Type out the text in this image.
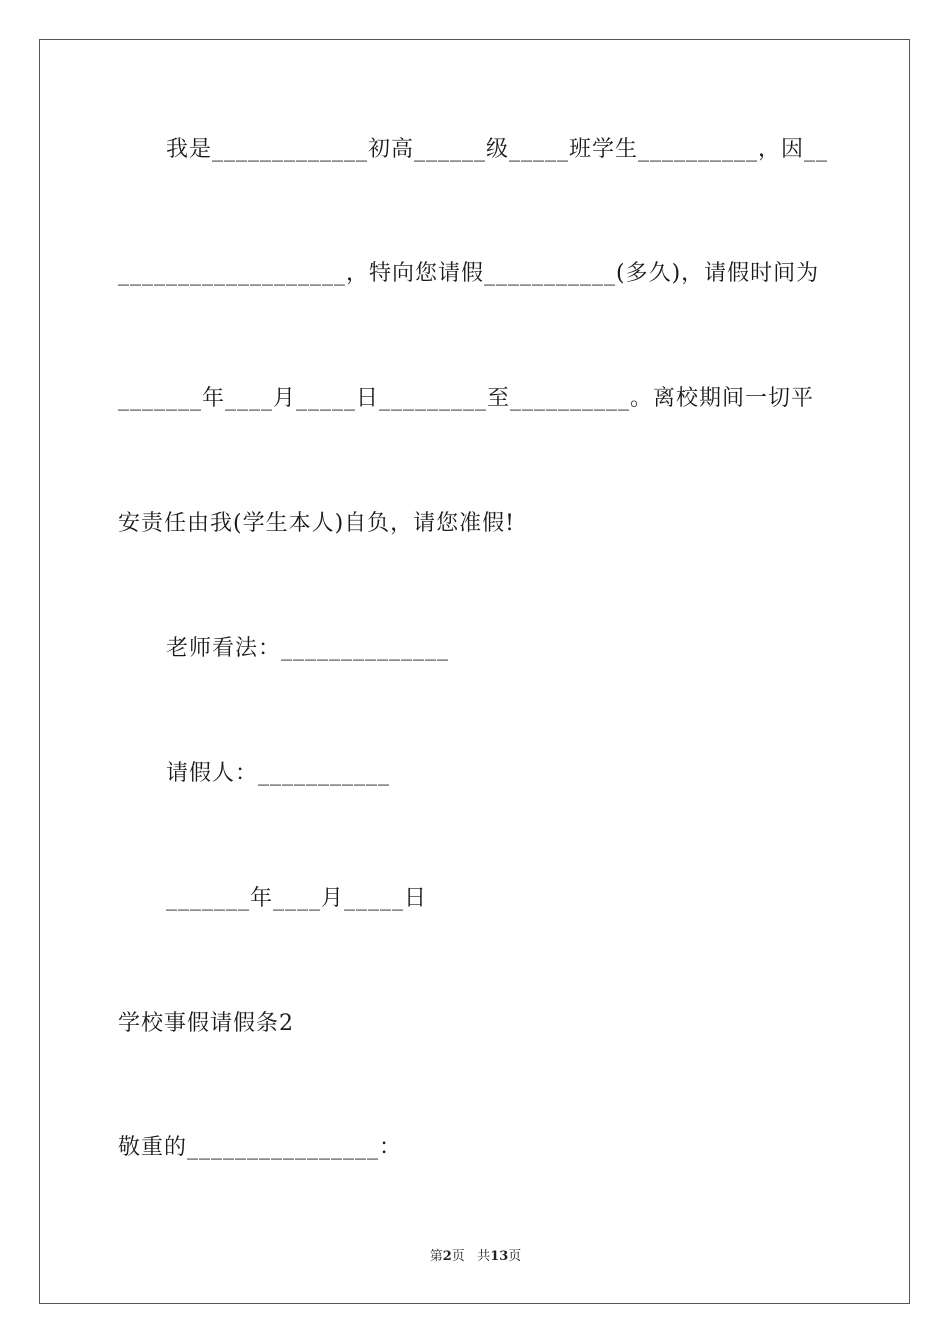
我是_____________初高______级_____班学生__________，因__
___________________，特向您请假___________(多久)，请假时间为
_______年____月_____日_________至__________。离校期间一切平
安责任由我(学生本人)自负，请您准假!
老师看法：______________
请假人：___________
_______年____月_____日
学校事假请假条2
敬重的________________：
第2页 共13页
